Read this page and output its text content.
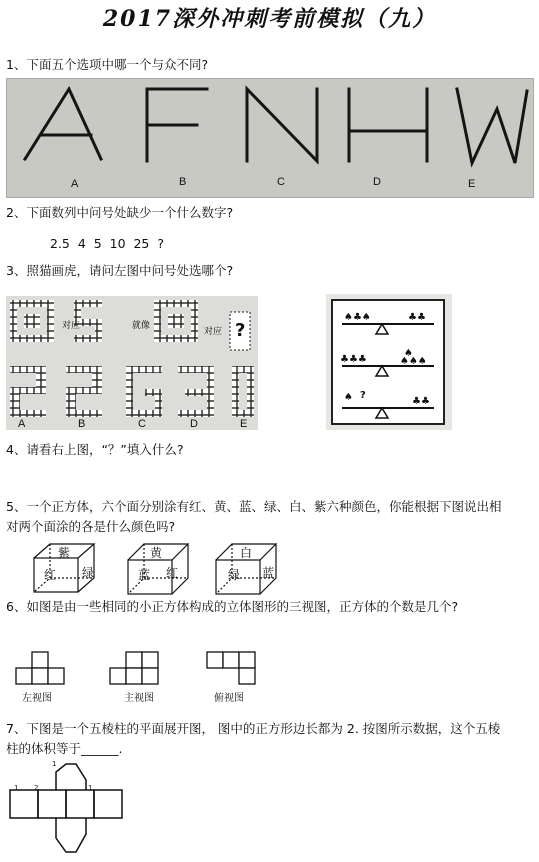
2017深外冲刺考前模拟（九）
1、下面五个选项中哪一个与众不同?
A	B	C	D	E
2、下面数列中问号处缺少一个什么数字?
2.5  4  5  10  25  ?
3、照猫画虎，请问左图中问号处选哪个?
对应	就像
对应 ?
A	B	C	D	E
♠♣♠	♣♣
♣♣♣
♠
♠♠♠
♠	♣♣
?
4、请看右上图，“？”填入什么?
5、一个正方体，六个面分别涂有红、黄、蓝、绿、白、紫六种颜色，你能根据下图说出相
对两个面涂的各是什么颜色吗?
紫
红 绿
黄
蓝 红
白
绿 蓝
6、如图是由一些相同的小正方体构成的立体图形的三视图，正方体的个数是几个?
左视图	主视图	俯视图
7、下图是一个五棱柱的平面展开图， 图中的正方形边长都为 2. 按图所示数据，这个五棱
柱的体积等于______.
1 2
1
1
